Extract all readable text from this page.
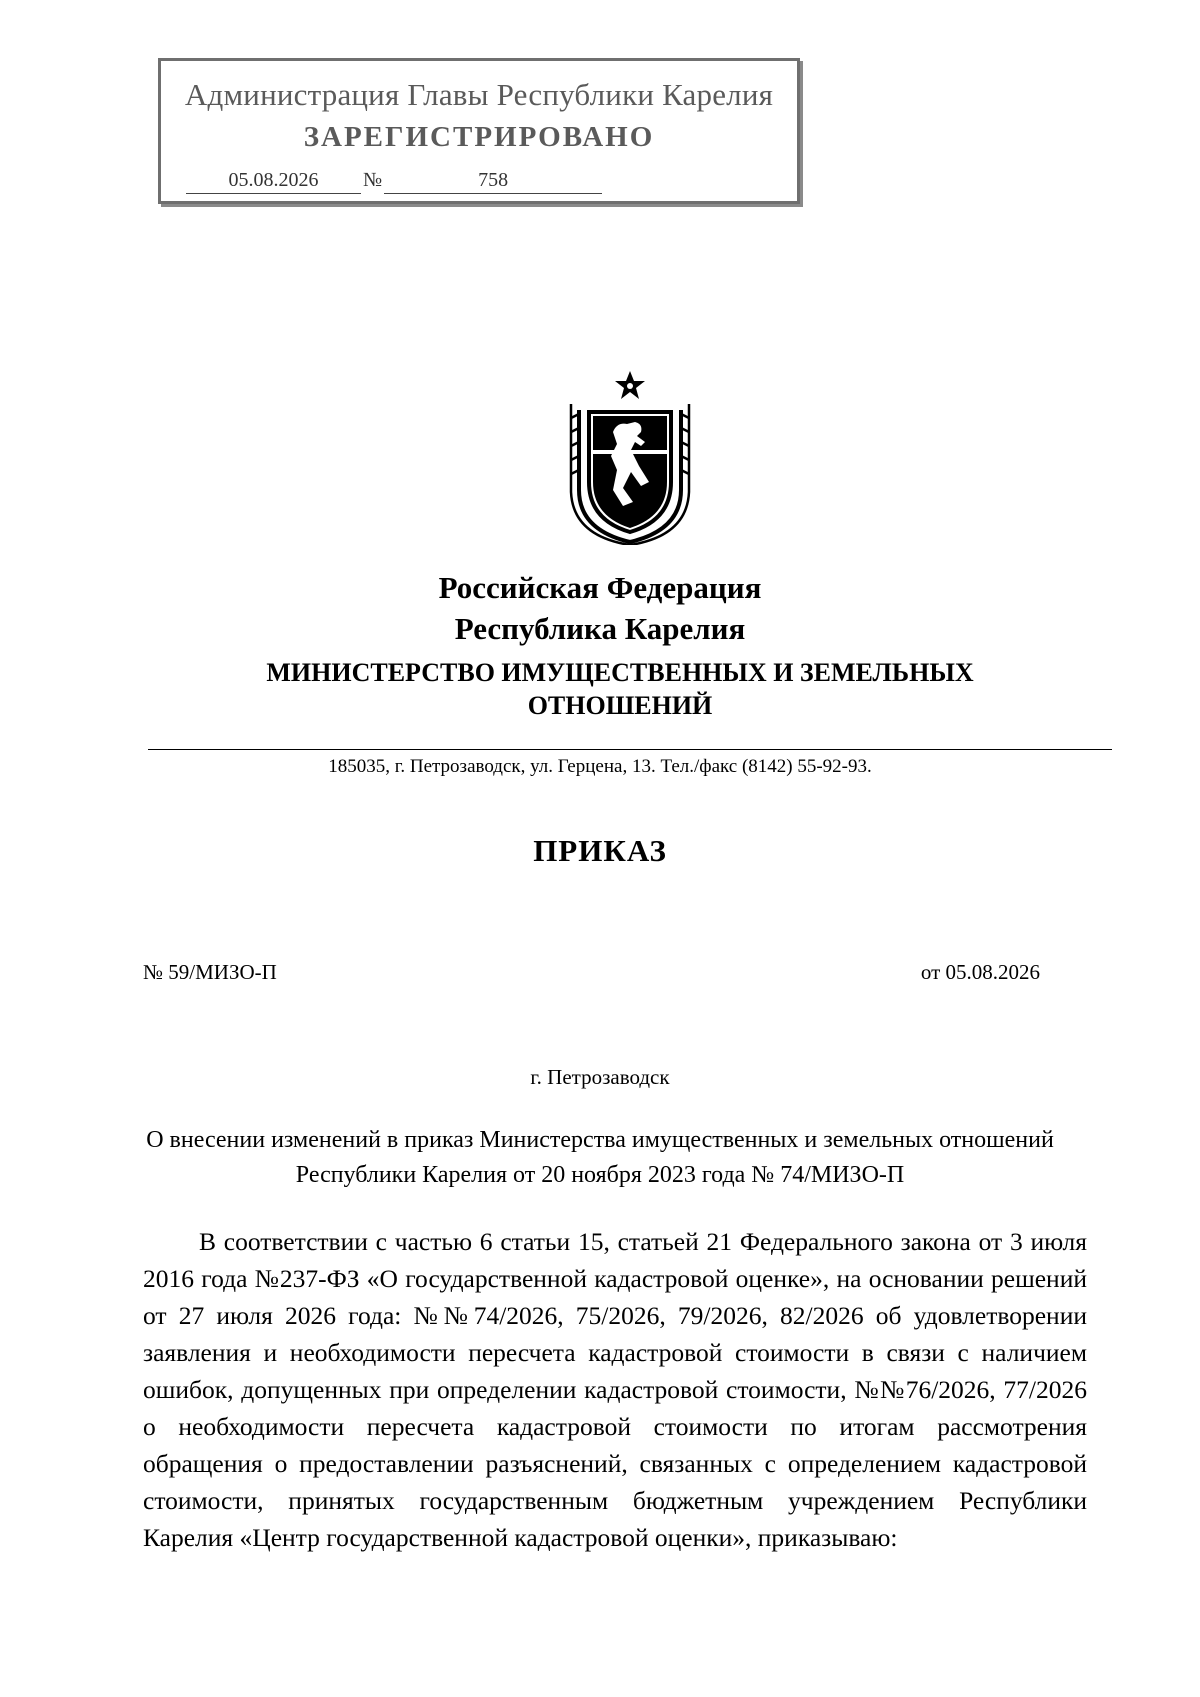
Администрация Главы Республики Карелия
ЗАРЕГИСТРИРОВАНО
05.08.2026 №	758
Российская Федерация
Республика Карелия
МИНИСТЕРСТВО ИМУЩЕСТВЕННЫХ И ЗЕМЕЛЬНЫХ ОТНОШЕНИЙ
185035, г. Петрозаводск, ул. Герцена, 13. Тел./факс (8142) 55-92-93.
ПРИКАЗ
№ 59/МИЗО-П	от 05.08.2026
г. Петрозаводск
О внесении изменений в приказ Министерства имущественных и земельных отношений Республики Карелия от 20 ноября 2023 года № 74/МИЗО-П

В соответствии с частью 6 статьи 15, статьей 21 Федерального закона от 3 июля 2016 года №237-ФЗ «О государственной кадастровой оценке», на основании решений от 27 июля 2026 года: №№74/2026, 75/2026, 79/2026, 82/2026 об удовлетворении заявления и необходимости пересчета кадастровой стоимости в связи с наличием ошибок, допущенных при определении кадастровой стоимости, №№76/2026, 77/2026 о необходимости пересчета кадастровой стоимости по итогам рассмотрения обращения о предоставлении разъяснений, связанных с определением кадастровой стоимости, принятых государственным бюджетным учреждением Республики Карелия «Центр государственной кадастровой оценки», приказываю:
